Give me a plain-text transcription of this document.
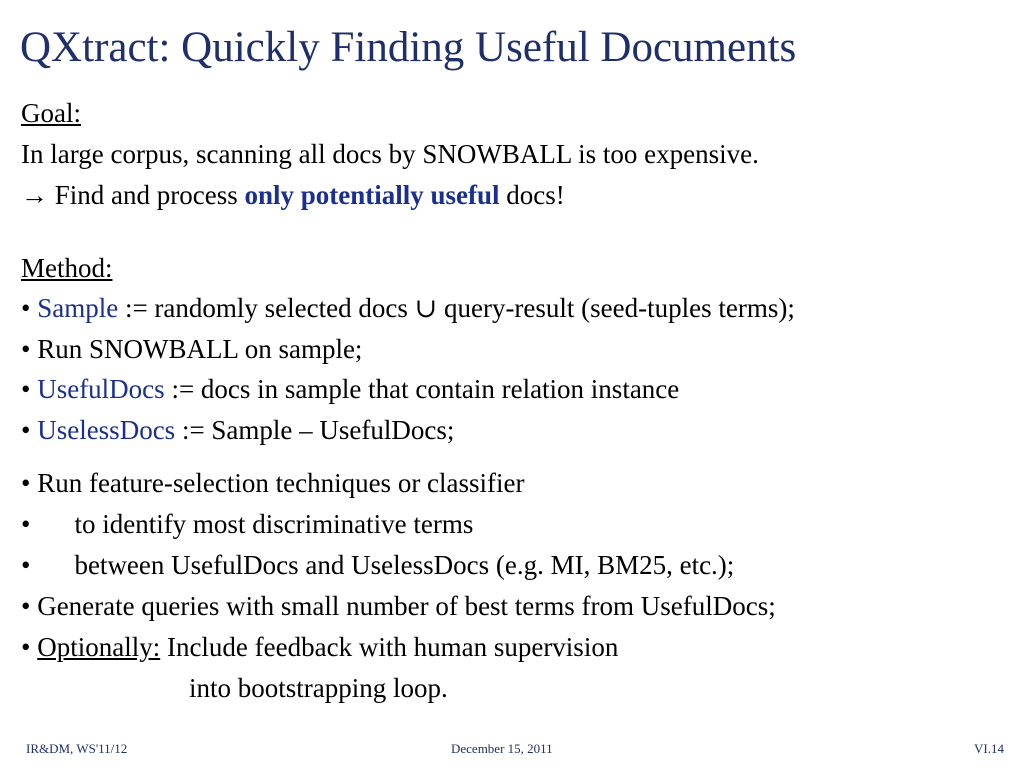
QXtract: Quickly Finding Useful Documents
Goal:
In large corpus, scanning all docs by SNOWBALL is too expensive.
→ Find and process only potentially useful docs!
Method:
• Sample := randomly selected docs ∪ query-result (seed-tuples terms);
• Run SNOWBALL on sample;
• UsefulDocs := docs in sample that contain relation instance
• UselessDocs := Sample – UsefulDocs;
• Run feature-selection techniques or classifier
• to identify most discriminative terms
• between UsefulDocs and UselessDocs (e.g. MI, BM25, etc.);
• Generate queries with small number of best terms from UsefulDocs;
• Optionally: Include feedback with human supervision
into bootstrapping loop.
IR&DM, WS'11/12	December 15, 2011	VI.14
